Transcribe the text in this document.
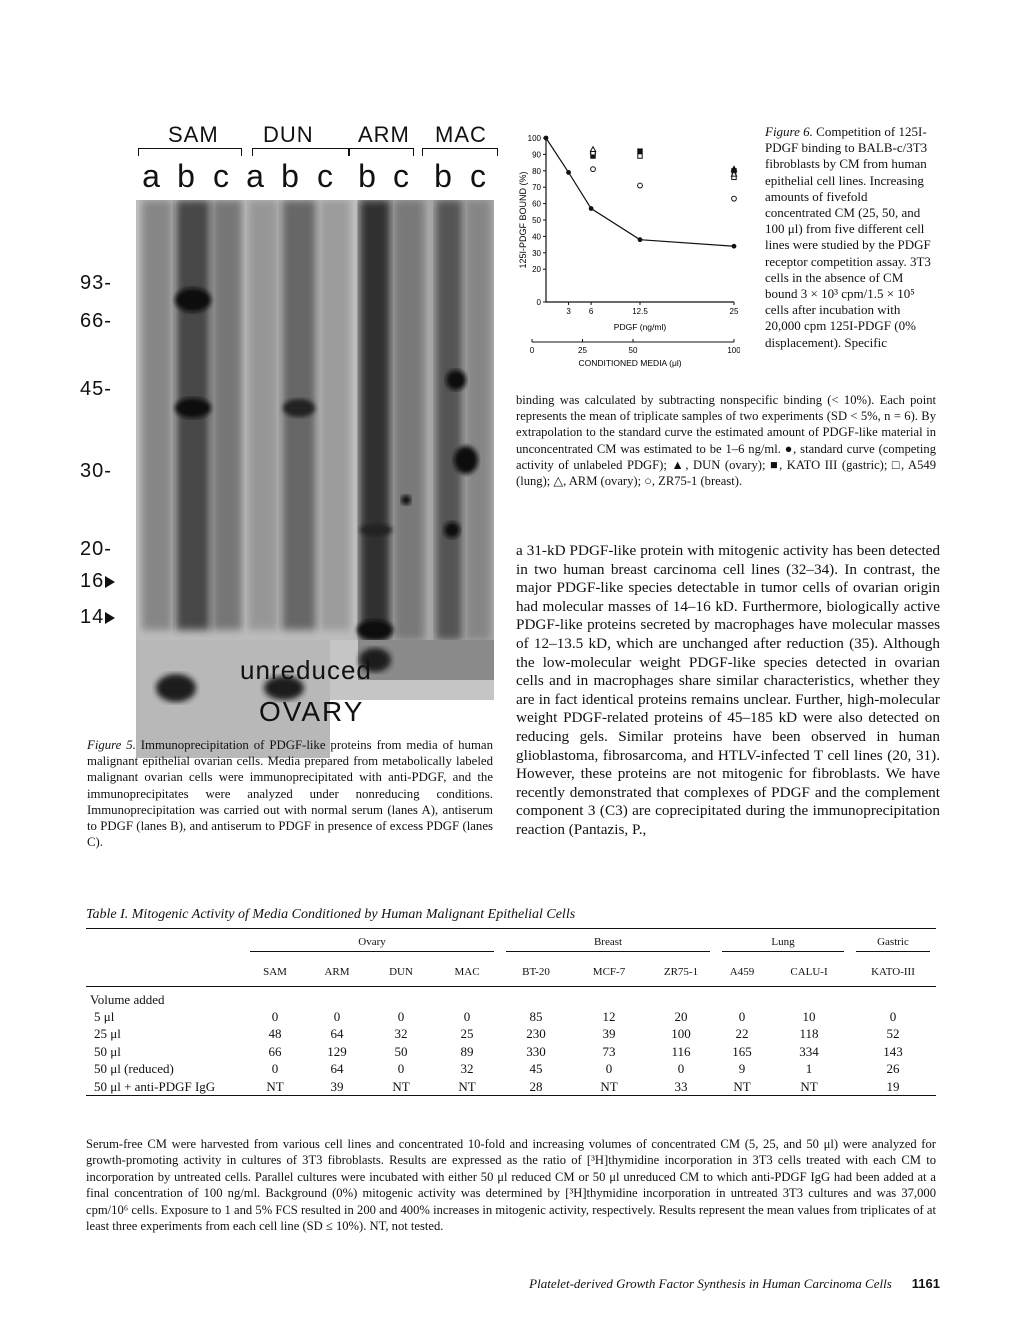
SAM DUN ARM MAC
a b c a b c b c b c
93-
66-
45-
30-
20-
16
14
unreduced
OVARY

Figure 5. Immunoprecipitation of PDGF-like proteins from media of human malignant epithelial ovarian cells. Media prepared from metabolically labeled malignant ovarian cells were immunoprecipitated with anti-PDGF, and the immunoprecipitates were analyzed under nonreducing conditions. Immunoprecipitation was carried out with normal serum (lanes A), antiserum to PDGF (lanes B), and antiserum to PDGF in presence of excess PDGF (lanes C).

100
90
80
70
60
50
40
30
20
0
3 6	12.5	25
0	25	50	100
125I-PDGF BOUND (%)
PDGF (ng/ml)
CONDITIONED MEDIA (μl)

Figure 6. Competition of 125I-PDGF binding to BALB-c/3T3 fibroblasts by CM from human epithelial cell lines. Increasing amounts of fivefold concentrated CM (25, 50, and 100 μl) from five different cell lines were studied by the PDGF receptor competition assay. 3T3 cells in the absence of CM bound 3 × 10³ cpm/1.5 × 10⁵ cells after incubation with 20,000 cpm 125I-PDGF (0% displacement). Specific

binding was calculated by subtracting nonspecific binding (< 10%). Each point represents the mean of triplicate samples of two experiments (SD < 5%, n = 6). By extrapolation to the standard curve the estimated amount of PDGF-like material in unconcentrated CM was estimated to be 1–6 ng/ml. ●, standard curve (competing activity of unlabeled PDGF); ▲, DUN (ovary); ■, KATO III (gastric); □, A549 (lung); △, ARM (ovary); ○, ZR75-1 (breast).

a 31-kD PDGF-like protein with mitogenic activity has been detected in two human breast carcinoma cell lines (32–34). In contrast, the major PDGF-like species detectable in tumor cells of ovarian origin had molecular masses of 14–16 kD. Furthermore, biologically active PDGF-like proteins secreted by macrophages have molecular masses of 12–13.5 kD, which are unchanged after reduction (35). Although the low-molecular weight PDGF-like species detected in ovarian cells and in macrophages share similar characteristics, whether they are in fact identical proteins remains unclear. Further, high-molecular weight PDGF-related proteins of 45–185 kD were also detected on reducing gels. Similar proteins have been observed in human glioblastoma, fibrosarcoma, and HTLV-infected T cell lines (20, 31). However, these proteins are not mitogenic for fibroblasts. We have recently demonstrated that complexes of PDGF and the complement component 3 (C3) are coprecipitated during the immunoprecipitation reaction (Pantazis, P.,

Table I. Mitogenic Activity of Media Conditioned by Human Malignant Epithelial Cells

	Ovary				Breast			Lung		Gastric

	SAM	ARM	DUN	MAC	BT-20	MCF-7	ZR75-1	A459	CALU-I	KATO-III
Volume added										
5 μl	0	0	0	0	85	12	20	0	10	0
25 μl	48	64	32	25	230	39	100	22	118	52
50 μl	66	129	50	89	330	73	116	165	334	143
50 μl (reduced)	0	64	0	32	45	0	0	9	1	26
50 μl + anti-PDGF IgG	NT	39	NT	NT	28	NT	33	NT	NT	19

Serum-free CM were harvested from various cell lines and concentrated 10-fold and increasing volumes of concentrated CM (5, 25, and 50 μl) were analyzed for growth-promoting activity in cultures of 3T3 fibroblasts. Results are expressed as the ratio of [³H]thymidine incorporation in 3T3 cells treated with each CM to incorporation by untreated cells. Parallel cultures were incubated with either 50 μl reduced CM or 50 μl unreduced CM to which anti-PDGF IgG had been added at a final concentration of 100 ng/ml. Background (0%) mitogenic activity was determined by [³H]thymidine incorporation in untreated 3T3 cultures and was 37,000 cpm/10⁶ cells. Exposure to 1 and 5% FCS resulted in 200 and 400% increases in mitogenic activity, respectively. Results represent the mean values from triplicates of at least three experiments from each cell line (SD ≤ 10%). NT, not tested.

Platelet-derived Growth Factor Synthesis in Human Carcinoma Cells 1161
